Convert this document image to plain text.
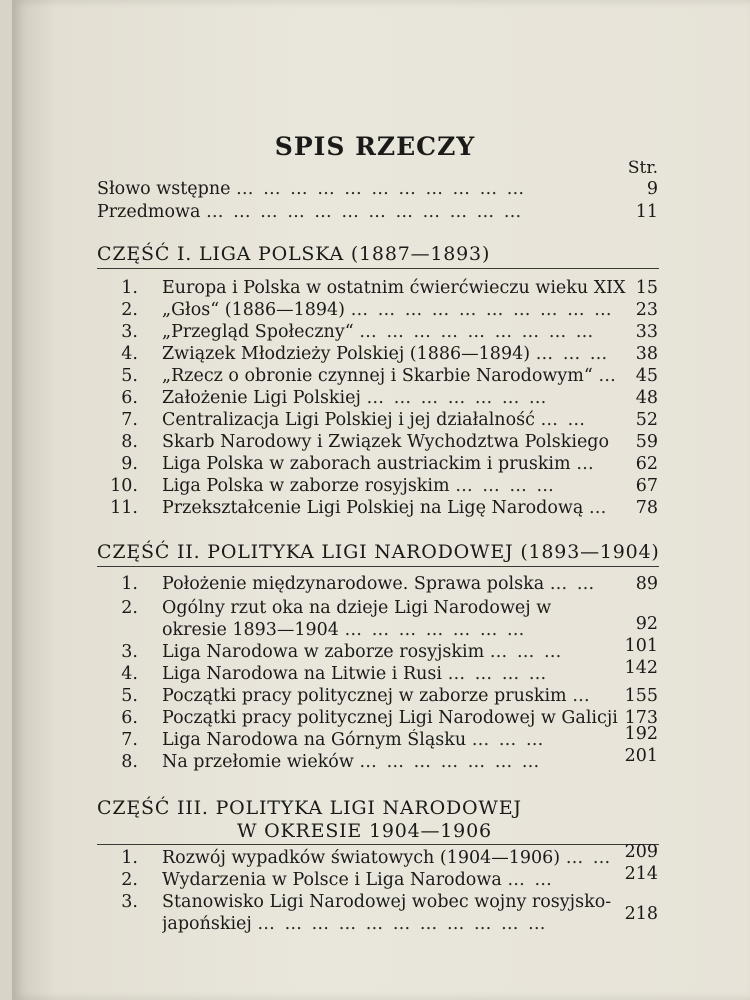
SPIS RZECZY
Str.
Słowo wstępne … … … … … … … … … … …	9
Przedmowa … … … … … … … … … … … …	11
CZĘŚĆ I. LIGA POLSKA (1887—1893)
1. Europa i Polska w ostatnim ćwierćwieczu wieku XIX 15
2. „Głos“ (1886—1894) … … … … … … … … … …	23
3. „Przegląd Społeczny“ … … … … … … … … …	33
4. Związek Młodzieży Polskiej (1886—1894) … … …	38
5. „Rzecz o obronie czynnej i Skarbie Narodowym“ …	45
6. Założenie Ligi Polskiej … … … … … … …	48
7. Centralizacja Ligi Polskiej i jej działalność … …	52
8. Skarb Narodowy i Związek Wychodztwa Polskiego	59
9. Liga Polska w zaborach austriackim i pruskim …	62
10. Liga Polska w zaborze rosyjskim … … … …	67
11. Przekształcenie Ligi Polskiej na Ligę Narodową …	78
CZĘŚĆ II. POLITYKA LIGI NARODOWEJ (1893—1904)
1. Położenie międzynarodowe. Sprawa polska … …	89
2. Ogólny rzut oka na dzieje Ligi Narodowej w
okresie 1893—1904 … … … … … … …	92
3. Liga Narodowa w zaborze rosyjskim … … …	101
4. Liga Narodowa na Litwie i Rusi … … … …	142
5. Początki pracy politycznej w zaborze pruskim …	155
6. Początki pracy politycznej Ligi Narodowej w Galicji 173
7. Liga Narodowa na Górnym Śląsku … … …	192
8. Na przełomie wieków … … … … … … …	201
CZĘŚĆ III. POLITYKA LIGI NARODOWEJ
W OKRESIE 1904—1906
1. Rozwój wypadków światowych (1904—1906) … … 209
2. Wydarzenia w Polsce i Liga Narodowa … …	214
3. Stanowisko Ligi Narodowej wobec wojny rosyjsko-
japońskiej … … … … … … … … … … …	218
